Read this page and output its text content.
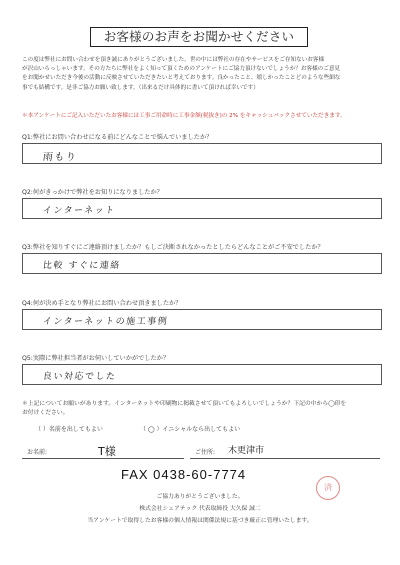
お客様のお声をお聞かせください

この度は弊社にお問い合わせを頂き誠にありがとうございました。世の中には弊社の存在やサービスをご存知ないお客様

が沢山いらっしゃいます。その方たちに弊社をよく知って頂くためのアンケートにご協力頂けないでしょうか？お客様のご意見

をお聞かせいただき今後の活動に反映させていただきたいと考えております。良かったこと、嬉しかったことどのような些細な

事でも結構です。是非ご協力お願い致します。（出来るだけ具体的に書いて頂ければ幸いです）

＊本アンケートにご記入いただいたお客様には工事ご用命時に工事金額(税抜き)の 2% をキャッシュバックさせていただきます。
Q1:弊社にお問い合わせになる前にどんなことで悩んでいましたか？
雨もり
Q2:何がきっかけで弊社をお知りになりましたか？
インターネット
Q3:弊社を知りすぐにご連絡頂けましたか？もしご決断されなかったとしたらどんなことがご不安でしたか？
比較 すぐに連絡
Q4:何が決め手となり弊社にお問い合わせ頂きましたか？
インターネットの施工事例
Q5:実際に弊社担当者がお伺いしていかがでしたか？
良い対応でした
＊上記についてお願いがあります。インターネットや印刷物に掲載させて頂いてもよろしいでしょうか？下記の中から◯印を
お付けください。
（ ）名前を出してもよい	（ ◯ ）イニシャルなら出してもよい
お名前:	T様	ご住所: 木更津市
FAX 0438-60-7774
済
ご協力ありがとうございました。
株式会社シェアテック 代表取締役 大久保 誠二
当アンケートで取得したお客様の個人情報は関係法規に基づき厳正に管理いたします。
